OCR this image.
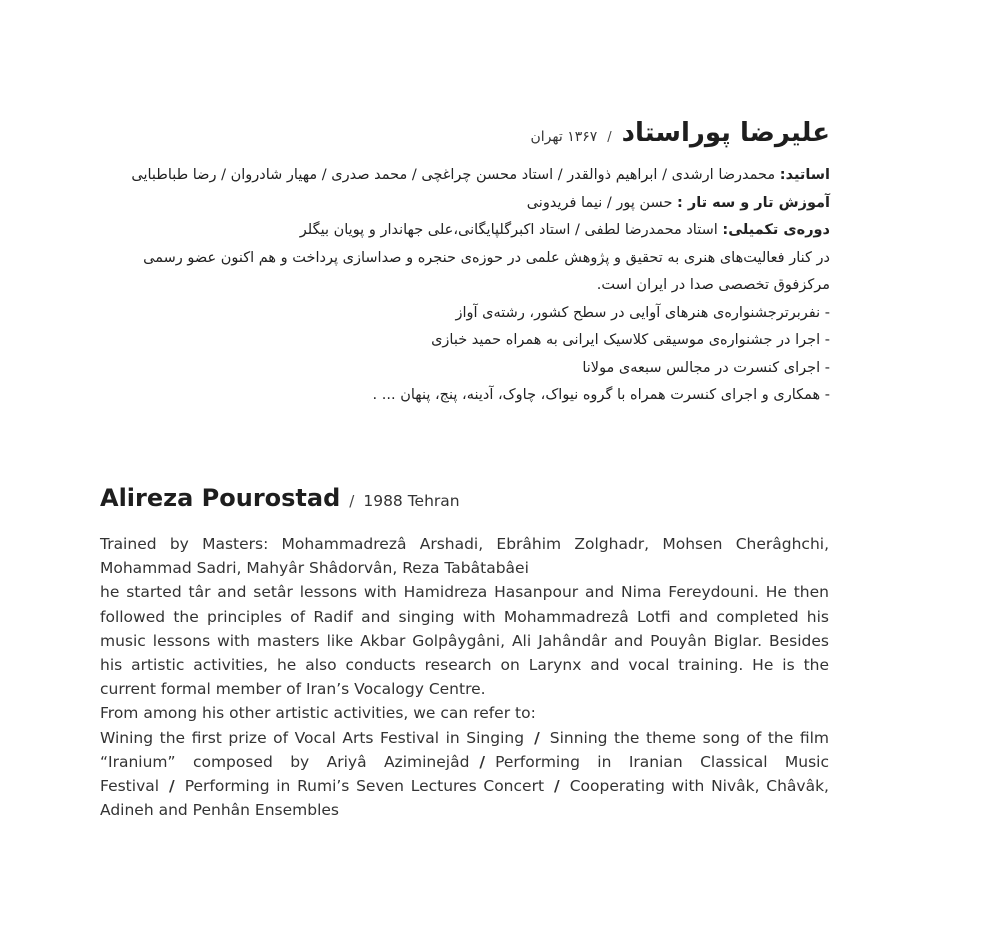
علیرضا پوراستاد
/
۱۳۶۷ تهران

اساتید: محمدرضا ارشدی / ابراهیم ذوالقدر / استاد محسن چراغچی / محمد صدری / مهیار شادروان / رضا طباطبایی

آموزش تار و سه تار : حسن پور / نیما فریدونی

دوره‌ی تکمیلی: استاد محمدرضا لطفی / استاد اکبرگلپایگانی،علی جهاندار و پویان بیگلر

در کنار فعالیت‌های هنری به تحقیق و پژوهش علمی در حوزه‌ی حنجره و صداسازی پرداخت و هم اکنون عضو رسمی مرکزفوق تخصصی صدا در ایران است.

- نفربرترجشنواره‌ی هنرهای آوایی در سطح کشور، رشته‌ی آواز
- اجرا در جشنواره‌ی موسیقی کلاسیک ایرانی به همراه حمید خبازی
- اجرای کنسرت در مجالس سبعه‌ی مولانا
- همکاری و اجرای کنسرت همراه با گروه نیواک، چاوک، آدینه، پنج، پنهان ... .
Alireza Pourostad / 1988 Tehran

Trained by Masters: Mohammadrezâ Arshadi, Ebrâhim Zolghadr, Mohsen Cherâghchi, Mohammad Sadri, Mahyâr Shâdorvân, Reza Tabâtabâei

he started târ and setâr lessons with Hamidreza Hasanpour and Nima Fereydouni. He then followed the principles of Radif and singing with Mohammadrezâ Lotfi and completed his music lessons with masters like Akbar Golpâygâni, Ali Jahândâr and Pouyân Biglar. Besides his artistic activities, he also conducts research on Larynx and vocal training. He is the current formal member of Iran’s Vocalogy Centre.

From among his other artistic activities, we can refer to:

Wining the first prize of Vocal Arts Festival in Singing / Sinning the theme song of the film “Iranium” composed by Ariyâ Aziminejâd / Performing in Iranian Classical Music Festival / Performing in Rumi’s Seven Lectures Concert / Cooperating with Nivâk, Châvâk, Adineh and Penhân Ensembles
